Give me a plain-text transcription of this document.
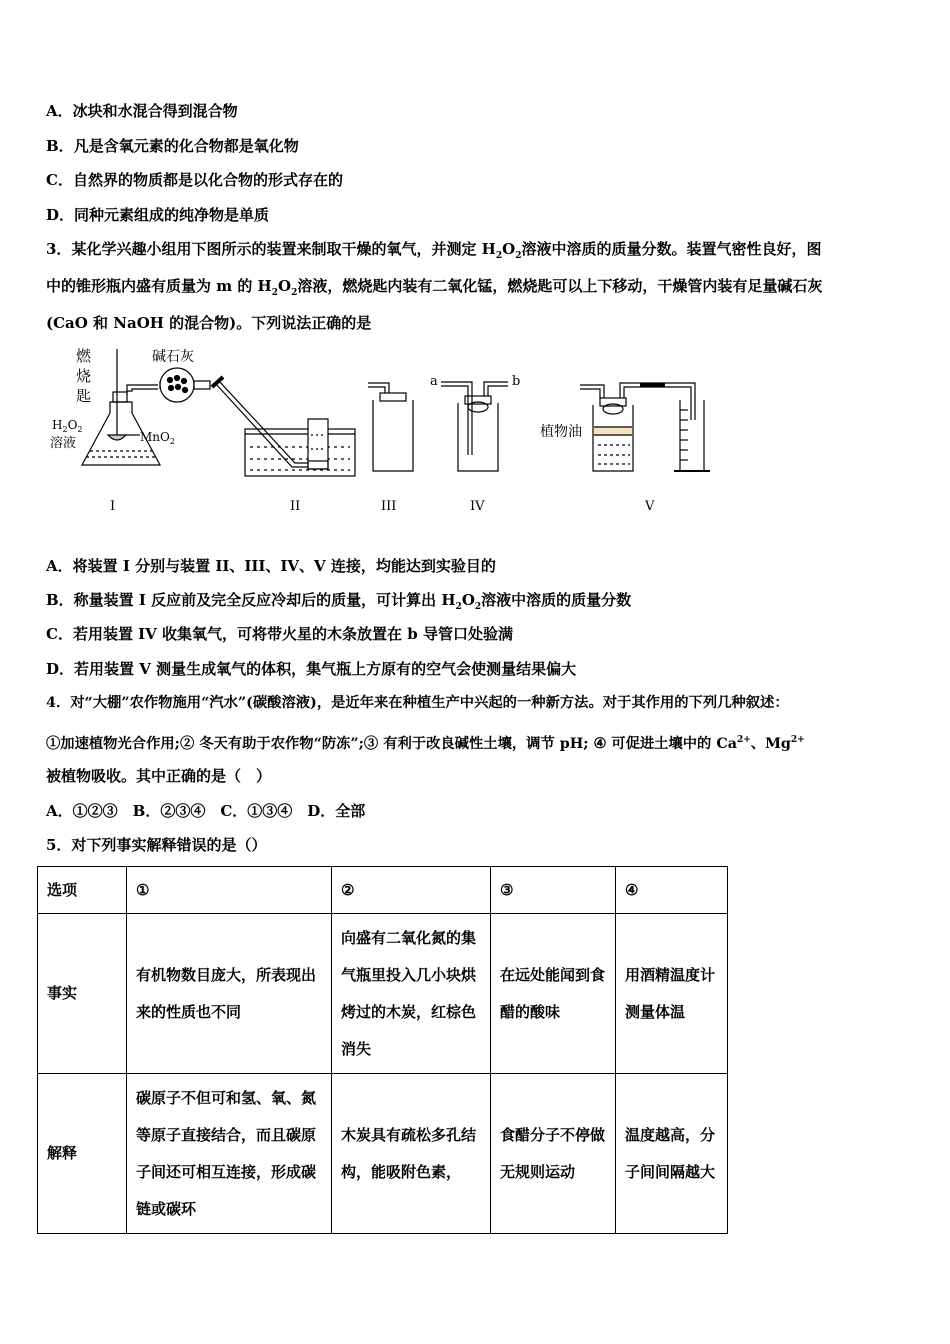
A．冰块和水混合得到混合物
B．凡是含氧元素的化合物都是氧化物
C．自然界的物质都是以化合物的形式存在的
D．同种元素组成的纯净物是单质
3．某化学兴趣小组用下图所示的装置来制取干燥的氧气，并测定 $H_2O_2$溶液中溶质的质量分数。装置气密性良好，图
中的锥形瓶内盛有质量为 m 的 $H_2O_2$溶液，燃烧匙内装有二氧化锰，燃烧匙可以上下移动，干燥管内装有足量碱石灰
(CaO 和 NaOH 的混合物)。下列说法正确的是
燃
烧
匙
碱石灰
$H_2O_2$
溶液	MnO$_2$
I	II	III
a	b
IV
植物油
V
A．将装置 I 分别与装置 II、III、IV、V 连接，均能达到实验目的
B．称量装置 I 反应前及完全反应冷却后的质量，可计算出 $H_2O_2$溶液中溶质的质量分数
C．若用装置 IV 收集氧气，可将带火星的木条放置在 b 导管口处验满
D．若用装置 V 测量生成氧气的体积，集气瓶上方原有的空气会使测量结果偏大
4．对“大棚”农作物施用“汽水”(碳酸溶液)，是近年来在种植生产中兴起的一种新方法。对于其作用的下列几种叙述：
①加速植物光合作用;② 冬天有助于农作物“防冻”;③ 有利于改良碱性土壤，调节 pH; ④ 可促进土壤中的 $Ca^{2+}$、$Mg^{2+}$
被植物吸收。其中正确的是（　）
A．①②③　B．②③④　C．①③④　D．全部
5．对下列事实解释错误的是（）
选项	①	②	③	④
事实	有机物数目庞大，所表现出来的性质也不同	向盛有二氧化氮的集气瓶里投入几小块烘烤过的木炭，红棕色消失	在远处能闻到食醋的酸味	用酒精温度计测量体温
解释	碳原子不但可和氢、氧、氮等原子直接结合，而且碳原子间还可相互连接，形成碳链或碳环	木炭具有疏松多孔结构，能吸附色素，	食醋分子不停做无规则运动	温度越高，分子间间隔越大
